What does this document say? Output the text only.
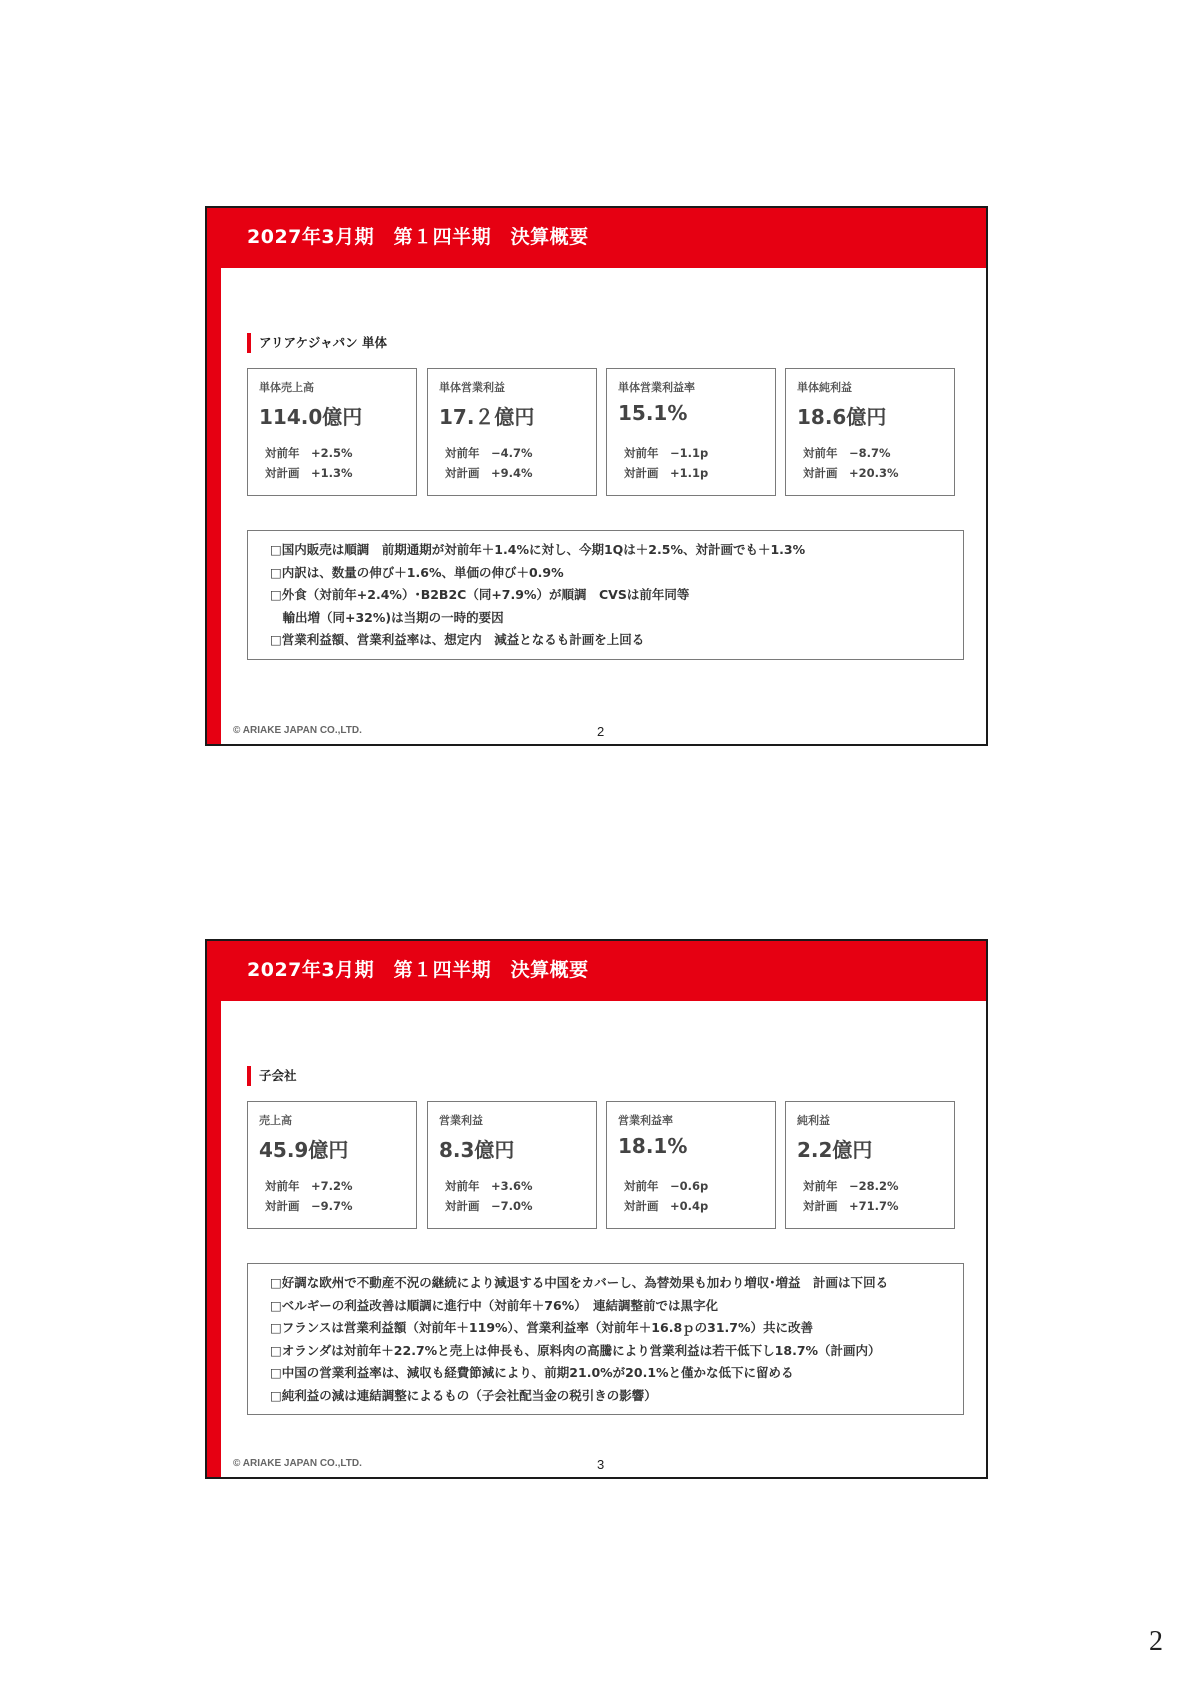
2027年3月期　第１四半期　決算概要
アリアケジャパン 単体
単体売上高
114.0億円
対前年 +2.5%
対計画 +1.3%
単体営業利益
17.２億円
対前年 −4.7%
対計画 +9.4%
単体営業利益率
15.1%
対前年 −1.1p
対計画 +1.1p
単体純利益
18.6億円
対前年 −8.7%
対計画 +20.3%
□国内販売は順調　前期通期が対前年＋1.4%に対し、今期1Qは＋2.5%、対計画でも＋1.3%
□内訳は、数量の伸び＋1.6%、単価の伸び＋0.9%
□外食（対前年+2.4%）･B2B2C（同+7.9%）が順調　CVSは前年同等
　輸出増（同+32%)は当期の一時的要因
□営業利益額、営業利益率は、想定内　減益となるも計画を上回る
© ARIAKE JAPAN CO.,LTD.	2
2027年3月期　第１四半期　決算概要
子会社
売上高
45.9億円
対前年 +7.2%
対計画 −9.7%
営業利益
8.3億円
対前年 +3.6%
対計画 −7.0%
営業利益率
18.1%
対前年 −0.6p
対計画 +0.4p
純利益
2.2億円
対前年 −28.2%
対計画 +71.7%
□好調な欧州で不動産不況の継続により減退する中国をカバーし、為替効果も加わり増収･増益　計画は下回る
□ベルギーの利益改善は順調に進行中（対前年＋76%）　連結調整前では黒字化
□フランスは営業利益額（対前年＋119%）、営業利益率（対前年＋16.8ｐの31.7%）共に改善
□オランダは対前年＋22.7%と売上は伸長も、原料肉の高騰により営業利益は若干低下し18.7%（計画内）
□中国の営業利益率は、減収も経費節減により、前期21.0%が20.1%と僅かな低下に留める
□純利益の減は連結調整によるもの（子会社配当金の税引きの影響）
© ARIAKE JAPAN CO.,LTD.	3
2
